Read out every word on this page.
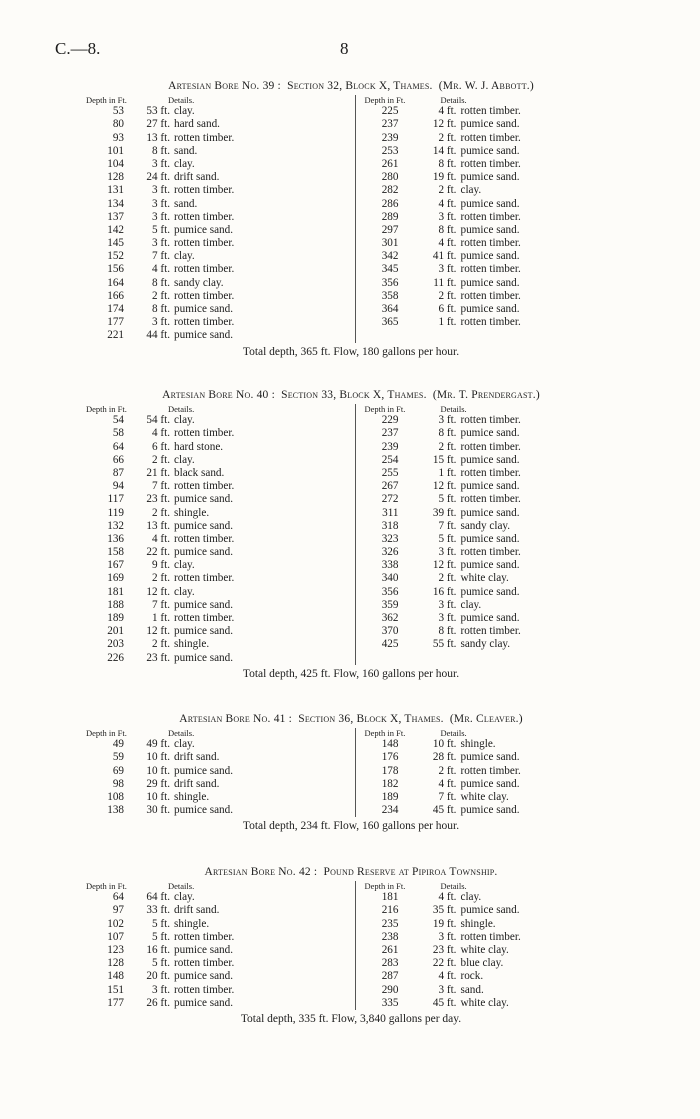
C.—8.	8
Artesian Bore No. 39 : Section 32, Block X, Thames. (Mr. W. J. Abbott.)
Depth in Ft.	Details.
53	53 ft. clay.
80	27 ft. hard sand.
93	13 ft. rotten timber.
101	8 ft. sand.
104	3 ft. clay.
128	24 ft. drift sand.
131	3 ft. rotten timber.
134	3 ft. sand.
137	3 ft. rotten timber.
142	5 ft. pumice sand.
145	3 ft. rotten timber.
152	7 ft. clay.
156	4 ft. rotten timber.
164	8 ft. sandy clay.
166	2 ft. rotten timber.
174	8 ft. pumice sand.
177	3 ft. rotten timber.
221	44 ft. pumice sand.
Depth in Ft.	Details.
225	4 ft. rotten timber.
237	12 ft. pumice sand.
239	2 ft. rotten timber.
253	14 ft. pumice sand.
261	8 ft. rotten timber.
280	19 ft. pumice sand.
282	2 ft. clay.
286	4 ft. pumice sand.
289	3 ft. rotten timber.
297	8 ft. pumice sand.
301	4 ft. rotten timber.
342	41 ft. pumice sand.
345	3 ft. rotten timber.
356	11 ft. pumice sand.
358	2 ft. rotten timber.
364	6 ft. pumice sand.
365	1 ft. rotten timber.
Total depth, 365 ft. Flow, 180 gallons per hour.
Artesian Bore No. 40 : Section 33, Block X, Thames. (Mr. T. Prendergast.)
Depth in Ft.	Details.
54	54 ft. clay.
58	4 ft. rotten timber.
64	6 ft. hard stone.
66	2 ft. clay.
87	21 ft. black sand.
94	7 ft. rotten timber.
117	23 ft. pumice sand.
119	2 ft. shingle.
132	13 ft. pumice sand.
136	4 ft. rotten timber.
158	22 ft. pumice sand.
167	9 ft. clay.
169	2 ft. rotten timber.
181	12 ft. clay.
188	7 ft. pumice sand.
189	1 ft. rotten timber.
201	12 ft. pumice sand.
203	2 ft. shingle.
226	23 ft. pumice sand.
Depth in Ft.	Details.
229	3 ft. rotten timber.
237	8 ft. pumice sand.
239	2 ft. rotten timber.
254	15 ft. pumice sand.
255	1 ft. rotten timber.
267	12 ft. pumice sand.
272	5 ft. rotten timber.
311	39 ft. pumice sand.
318	7 ft. sandy clay.
323	5 ft. pumice sand.
326	3 ft. rotten timber.
338	12 ft. pumice sand.
340	2 ft. white clay.
356	16 ft. pumice sand.
359	3 ft. clay.
362	3 ft. pumice sand.
370	8 ft. rotten timber.
425	55 ft. sandy clay.
Total depth, 425 ft. Flow, 160 gallons per hour.
Artesian Bore No. 41 : Section 36, Block X, Thames. (Mr. Cleaver.)
Depth in Ft.	Details.
49	49 ft. clay.
59	10 ft. drift sand.
69	10 ft. pumice sand.
98	29 ft. drift sand.
108	10 ft. shingle.
138	30 ft. pumice sand.
Depth in Ft.	Details.
148	10 ft. shingle.
176	28 ft. pumice sand.
178	2 ft. rotten timber.
182	4 ft. pumice sand.
189	7 ft. white clay.
234	45 ft. pumice sand.
Total depth, 234 ft. Flow, 160 gallons per hour.
Artesian Bore No. 42 : Pound Reserve at Pipiroa Township.
Depth in Ft.	Details.
64	64 ft. clay.
97	33 ft. drift sand.
102	5 ft. shingle.
107	5 ft. rotten timber.
123	16 ft. pumice sand.
128	5 ft. rotten timber.
148	20 ft. pumice sand.
151	3 ft. rotten timber.
177	26 ft. pumice sand.
Depth in Ft.	Details.
181	4 ft. clay.
216	35 ft. pumice sand.
235	19 ft. shingle.
238	3 ft. rotten timber.
261	23 ft. white clay.
283	22 ft. blue clay.
287	4 ft. rock.
290	3 ft. sand.
335	45 ft. white clay.
Total depth, 335 ft. Flow, 3,840 gallons per day.
